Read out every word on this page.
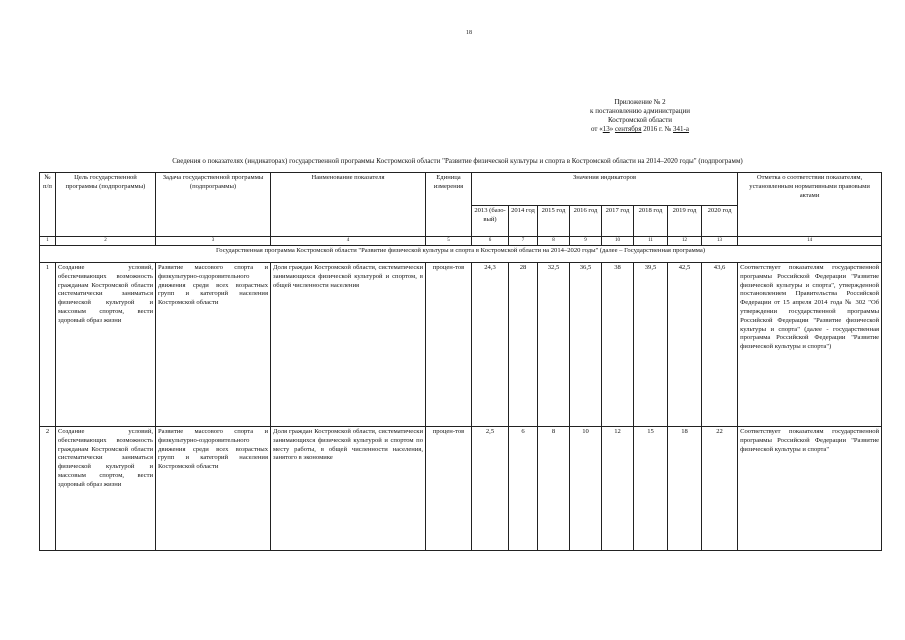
18
Приложение № 2
к постановлению администрации
Костромской области
от «13» сентября 2016 г. № 341-а
Сведения о показателях (индикаторах) государственной программы Костромской области "Развитие физической культуры и спорта в Костромской области на 2014–2020 годы" (подпрограмм)
№ п/п	Цель государственной программы (подпрограммы)	Задача государственной программы (подпрограммы)	Наименование показателя	Единица измерения	Значения индикаторов								Отметка о соответствии показателям, установленным нормативными правовыми актами
					2013 (базо-вый)	2014 год	2015 год	2016 год	2017 год	2018 год	2019 год	2020 год	
1	2	3	4	5	6	7	8	9	10	11	12	13	14
Государственная программа Костромской области "Развитие физической культуры и спорта в Костромской области на 2014–2020 годы" (далее – Государственная программа)													
1	Создание условий, обеспечивающих возможность гражданам Костромской области систематически заниматься физической культурой и массовым спортом, вести здоровый образ жизни	Развитие массового спорта и физкультурно-оздоровительного движения среди всех возрастных групп и категорий населения Костромской области	Доля граждан Костромской области, систематически занимающихся физической культурой и спортом, в общей численности населения	процен-тов	24,3	28	32,5	36,5	38	39,5	42,5	43,6	Соответствует показателям государственной программы Российской Федерации "Развитие физической культуры и спорта", утвержденной постановлением Правительства Российской Федерации от 15 апреля 2014 года № 302 "Об утверждении государственной программы Российской Федерации "Развитие физической культуры и спорта" (далее - государственная программа Российской Федерации "Развитие физической культуры и спорта")
2	Создание условий, обеспечивающих возможность гражданам Костромской области систематически заниматься физической культурой и массовым спортом, вести здоровый образ жизни	Развитие массового спорта и физкультурно-оздоровительного движения среди всех возрастных групп и категорий населения Костромской области	Доля граждан Костромской области, систематически занимающихся физической культурой и спортом по месту работы, в общей численности населения, занятого в экономике	процен-тов	2,5	6	8	10	12	15	18	22	Соответствует показателям государственной программы Российской Федерации "Развитие физической культуры и спорта"
